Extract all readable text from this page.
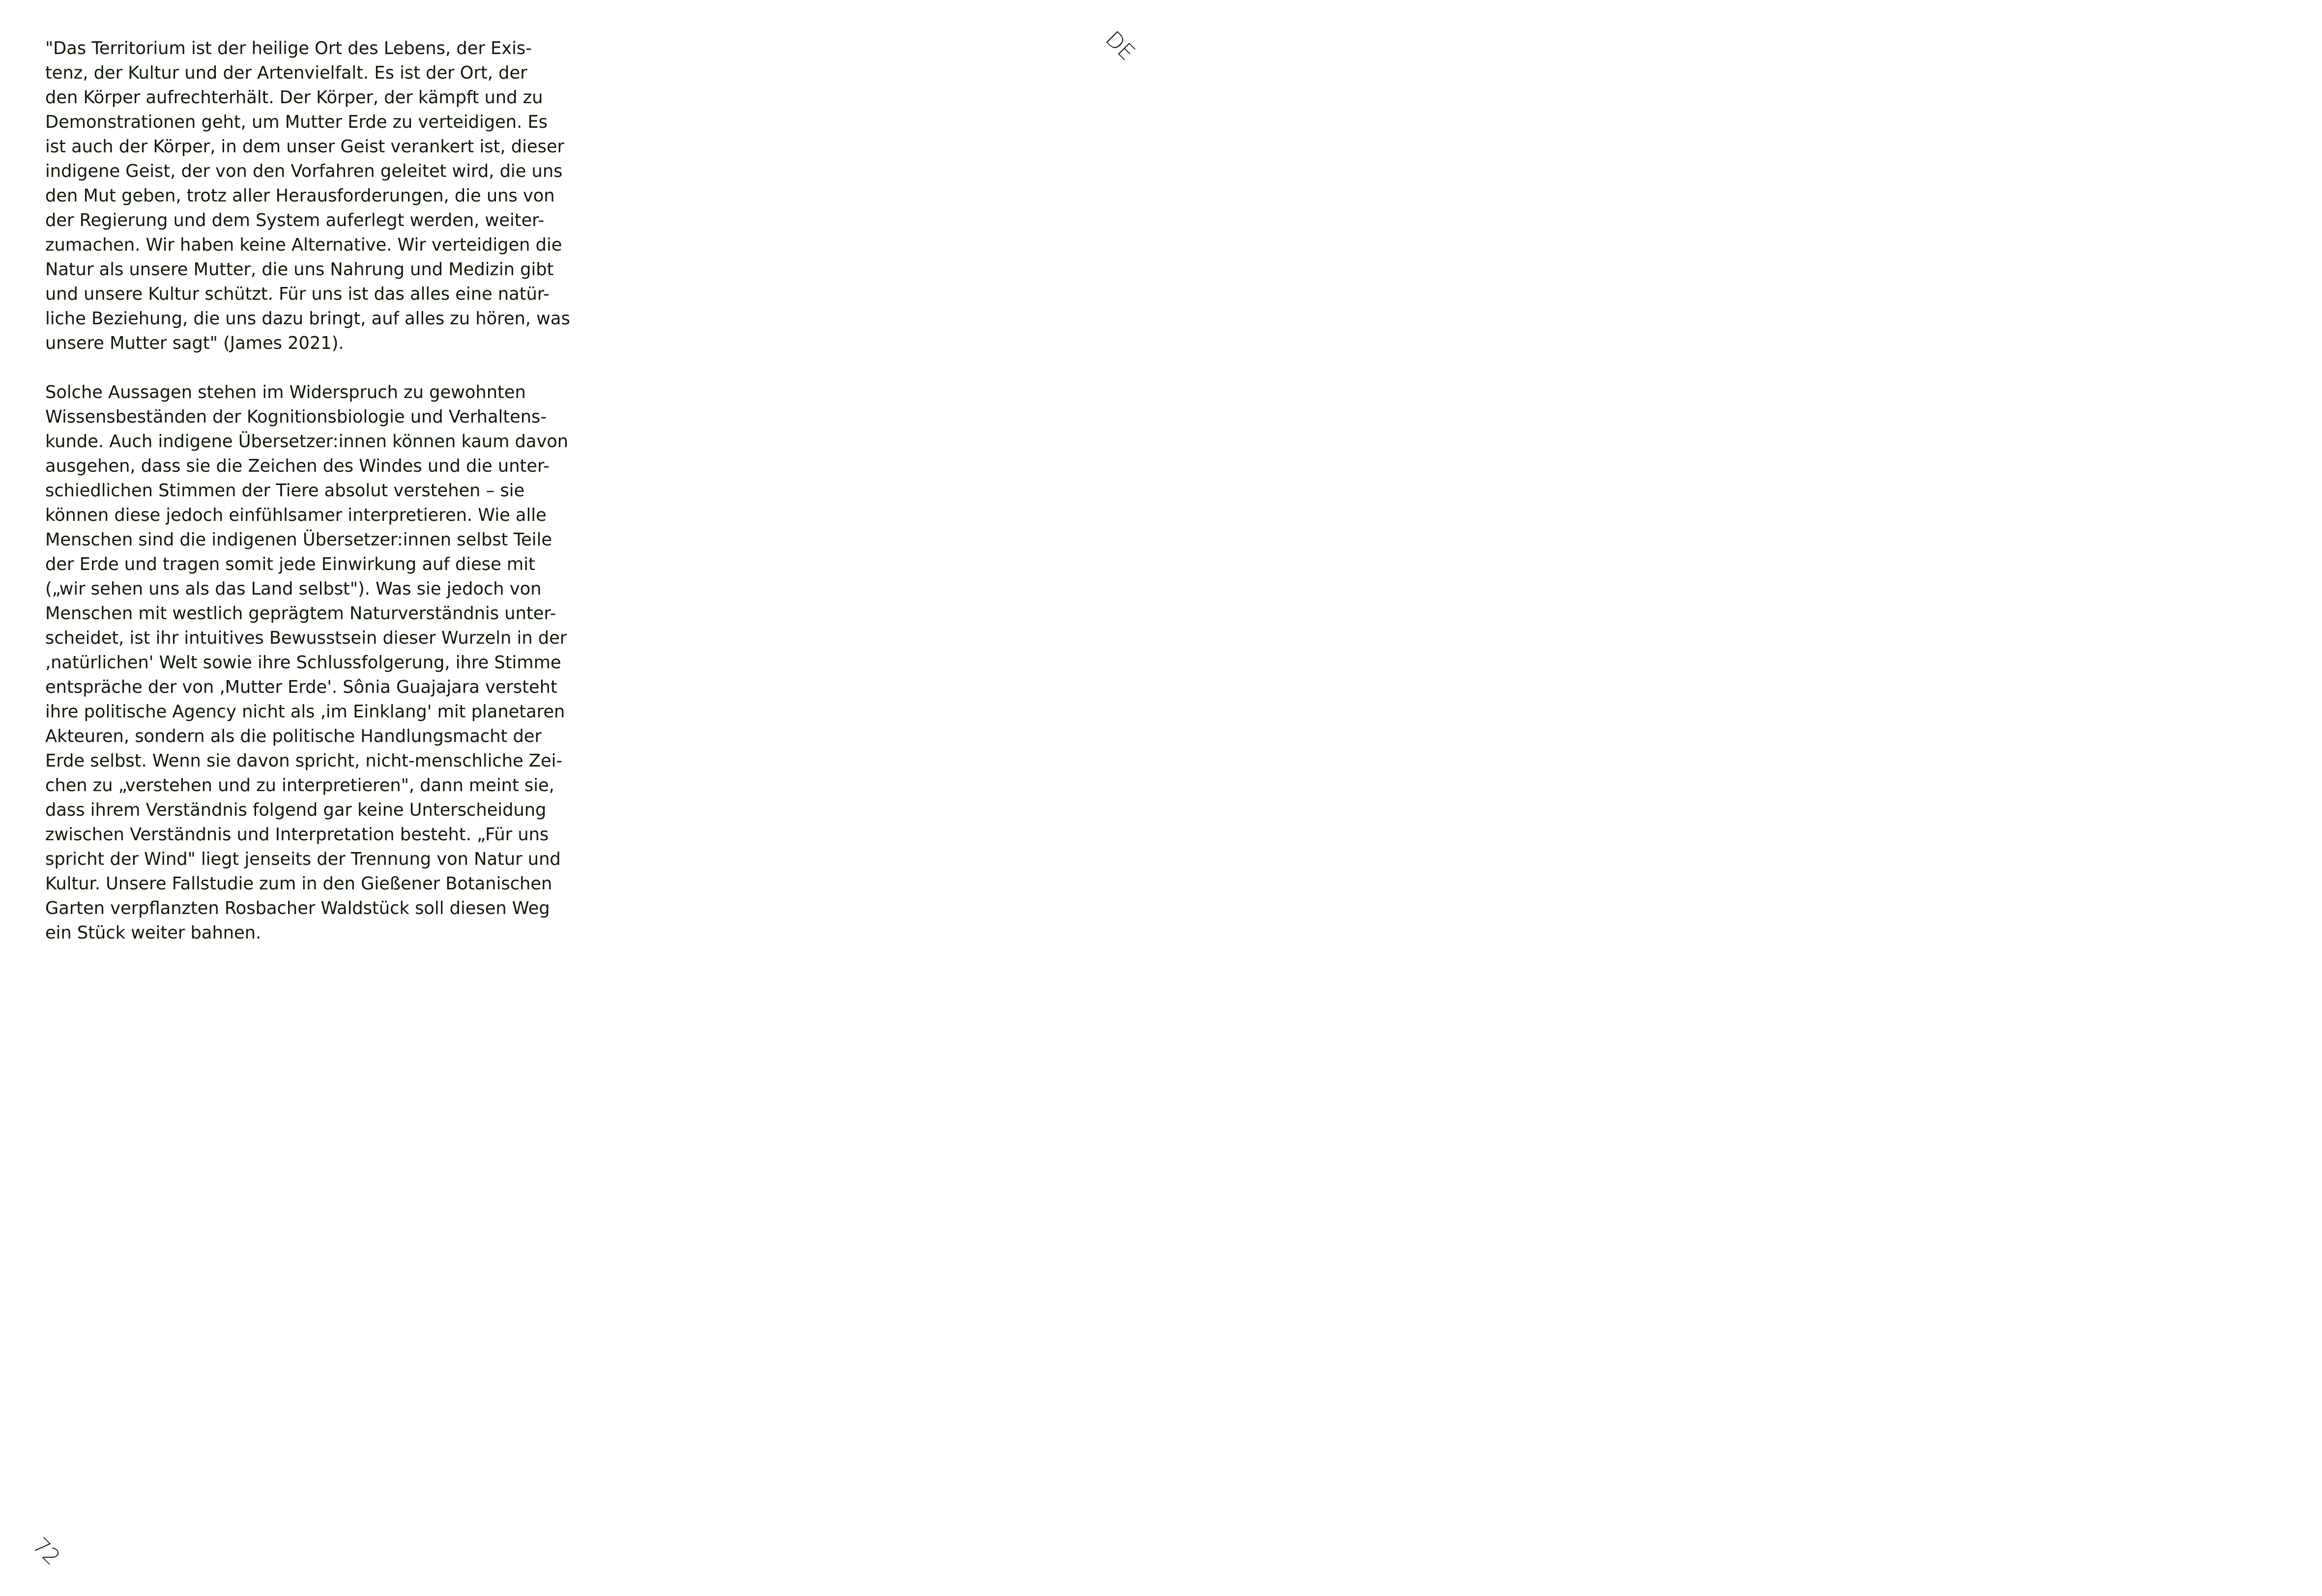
DE

"Das Territorium ist der heilige Ort des Lebens, der Exis-
tenz, der Kultur und der Artenvielfalt. Es ist der Ort, der
den Körper aufrechterhält. Der Körper, der kämpft und zu
Demonstrationen geht, um Mutter Erde zu verteidigen. Es
ist auch der Körper, in dem unser Geist verankert ist, dieser
indigene Geist, der von den Vorfahren geleitet wird, die uns
den Mut geben, trotz aller Herausforderungen, die uns von
der Regierung und dem System auferlegt werden, weiter-
zumachen. Wir haben keine Alternative. Wir verteidigen die
Natur als unsere Mutter, die uns Nahrung und Medizin gibt
und unsere Kultur schützt. Für uns ist das alles eine natür-
liche Beziehung, die uns dazu bringt, auf alles zu hören, was
unsere Mutter sagt" (James 2021).

Solche Aussagen stehen im Widerspruch zu gewohnten
Wissensbeständen der Kognitionsbiologie und Verhaltens-
kunde. Auch indigene Übersetzer:innen können kaum davon
ausgehen, dass sie die Zeichen des Windes und die unter-
schiedlichen Stimmen der Tiere absolut verstehen – sie
können diese jedoch einfühlsamer interpretieren. Wie alle
Menschen sind die indigenen Übersetzer:innen selbst Teile
der Erde und tragen somit jede Einwirkung auf diese mit
(„wir sehen uns als das Land selbst"). Was sie jedoch von
Menschen mit westlich geprägtem Naturverständnis unter-
scheidet, ist ihr intuitives Bewusstsein dieser Wurzeln in der
‚natürlichen' Welt sowie ihre Schlussfolgerung, ihre Stimme
entspräche der von ‚Mutter Erde'. Sônia Guajajara versteht
ihre politische Agency nicht als ‚im Einklang' mit planetaren
Akteuren, sondern als die politische Handlungsmacht der
Erde selbst. Wenn sie davon spricht, nicht-menschliche Zei-
chen zu „verstehen und zu interpretieren", dann meint sie,
dass ihrem Verständnis folgend gar keine Unterscheidung
zwischen Verständnis und Interpretation besteht. „Für uns
spricht der Wind" liegt jenseits der Trennung von Natur und
Kultur. Unsere Fallstudie zum in den Gießener Botanischen
Garten verpflanzten Rosbacher Waldstück soll diesen Weg
ein Stück weiter bahnen.

72
